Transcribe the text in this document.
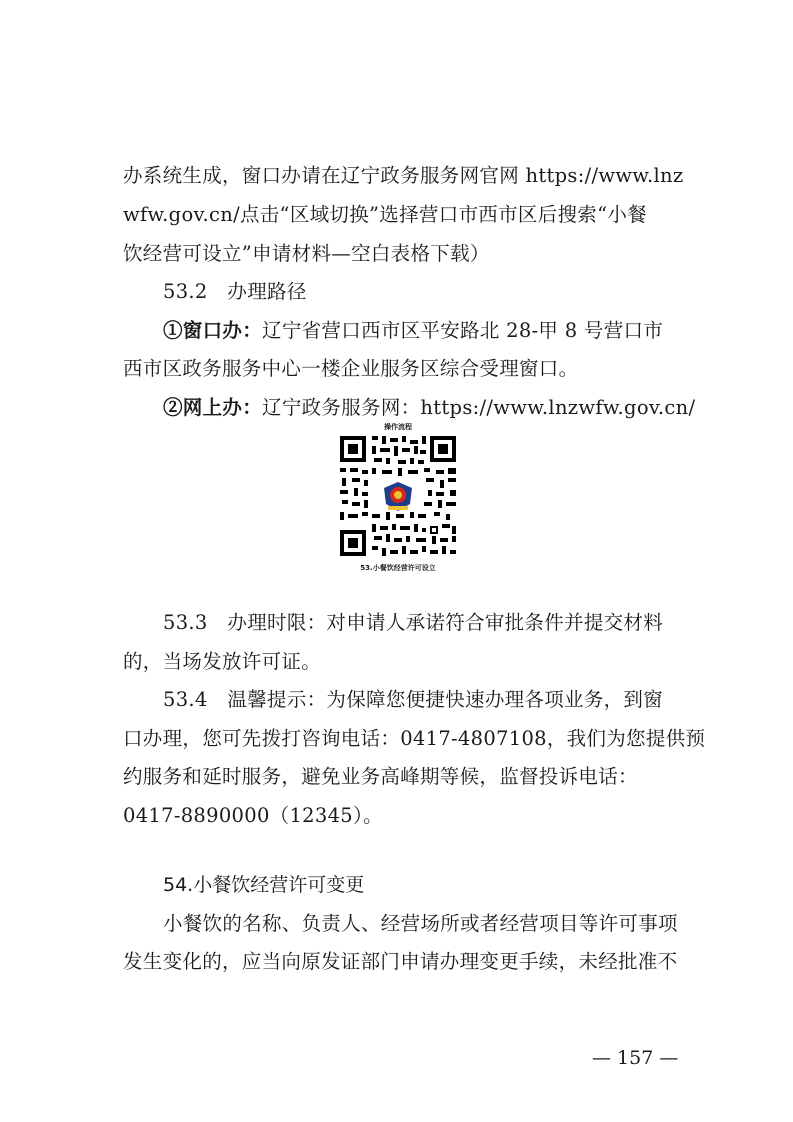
办系统生成，窗口办请在辽宁政务服务网官网 https://www.lnz
wfw.gov.cn/点击“区域切换”选择营口市西市区后搜索“小餐
饮经营可设立”申请材料—空白表格下载）
53.2　办理路径
①窗口办：辽宁省营口西市区平安路北 28-甲 8 号营口市
西市区政务服务中心一楼企业服务区综合受理窗口。
②网上办：辽宁政务服务网：https://www.lnzwfw.gov.cn/
操作流程
53.小餐饮经营许可设立
53.3　办理时限：对申请人承诺符合审批条件并提交材料
的，当场发放许可证。
53.4　温馨提示：为保障您便捷快速办理各项业务，到窗
口办理，您可先拨打咨询电话：0417-4807108，我们为您提供预
约服务和延时服务，避免业务高峰期等候，监督投诉电话：
0417-8890000（12345）。
54.小餐饮经营许可变更
小餐饮的名称、负责人、经营场所或者经营项目等许可事项
发生变化的，应当向原发证部门申请办理变更手续，未经批准不
— 157 —
